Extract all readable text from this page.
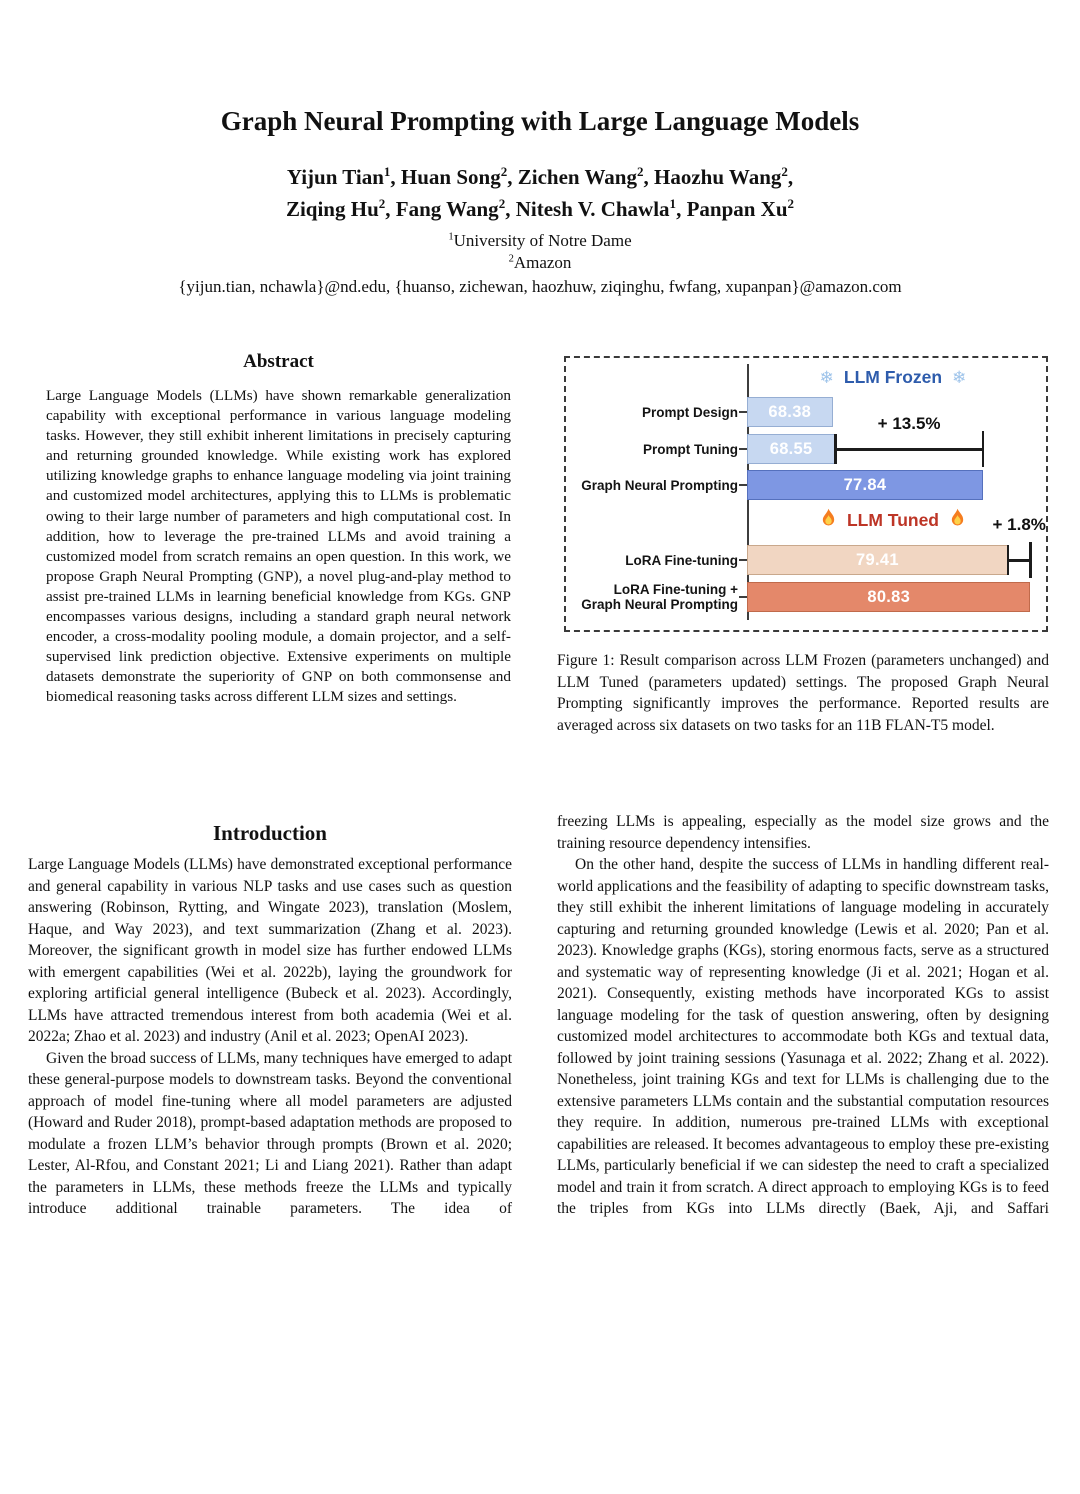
Graph Neural Prompting with Large Language Models
Yijun Tian$^1$, Huan Song$^2$, Zichen Wang$^2$, Haozhu Wang$^2$,
Ziqing Hu$^2$, Fang Wang$^2$, Nitesh V. Chawla$^1$, Panpan Xu$^2$
$^1$University of Notre Dame
$^2$Amazon
{yijun.tian, nchawla}@nd.edu, {huanso, zichewan, haozhuw, ziqinghu, fwfang, xupanpan}@amazon.com
Abstract

Large Language Models (LLMs) have shown remarkable generalization capability with exceptional performance in various language modeling tasks. However, they still exhibit inherent limitations in precisely capturing and returning grounded knowledge. While existing work has explored utilizing knowledge graphs to enhance language modeling via joint training and customized model architectures, applying this to LLMs is problematic owing to their large number of parameters and high computational cost. In addition, how to leverage the pre-trained LLMs and avoid training a customized model from scratch remains an open question. In this work, we propose Graph Neural Prompting (GNP), a novel plug-and-play method to assist pre-trained LLMs in learning beneficial knowledge from KGs. GNP encompasses various designs, including a standard graph neural network encoder, a cross-modality pooling module, a domain projector, and a self-supervised link prediction objective. Extensive experiments on multiple datasets demonstrate the superiority of GNP on both commonsense and biomedical reasoning tasks across different LLM sizes and settings.

Introduction

Large Language Models (LLMs) have demonstrated exceptional performance and general capability in various NLP tasks and use cases such as question answering (Robinson, Rytting, and Wingate 2023), translation (Moslem, Haque, and Way 2023), and text summarization (Zhang et al. 2023). Moreover, the significant growth in model size has further endowed LLMs with emergent capabilities (Wei et al. 2022b), laying the groundwork for exploring artificial general intelligence (Bubeck et al. 2023). Accordingly, LLMs have attracted tremendous interest from both academia (Wei et al. 2022a; Zhao et al. 2023) and industry (Anil et al. 2023; OpenAI 2023).

Given the broad success of LLMs, many techniques have emerged to adapt these general-purpose models to downstream tasks. Beyond the conventional approach of model fine-tuning where all model parameters are adjusted (Howard and Ruder 2018), prompt-based adaptation methods are proposed to modulate a frozen LLM’s behavior through prompts (Brown et al. 2020; Lester, Al-Rfou, and Constant 2021; Li and Liang 2021). Rather than adapt the parameters in LLMs, these methods freeze the LLMs and typically introduce additional trainable parameters. The idea of

❄ LLM Frozen ❄
Prompt Design 68.38
Prompt Tuning 68.55
Graph Neural Prompting	77.84
LLM Tuned
LoRA Fine-tuning	79.41
LoRA Fine-tuning +
Graph Neural Prompting	80.83
+ 13.5%
+ 1.8%
Figure 1: Result comparison across LLM Frozen (parameters unchanged) and LLM Tuned (parameters updated) settings. The proposed Graph Neural Prompting significantly improves the performance. Reported results are averaged across six datasets on two tasks for an 11B FLAN-T5 model.

freezing LLMs is appealing, especially as the model size grows and the training resource dependency intensifies.

On the other hand, despite the success of LLMs in handling different real-world applications and the feasibility of adapting to specific downstream tasks, they still exhibit the inherent limitations of language modeling in accurately capturing and returning grounded knowledge (Lewis et al. 2020; Pan et al. 2023). Knowledge graphs (KGs), storing enormous facts, serve as a structured and systematic way of representing knowledge (Ji et al. 2021; Hogan et al. 2021). Consequently, existing methods have incorporated KGs to assist language modeling for the task of question answering, often by designing customized model architectures to accommodate both KGs and textual data, followed by joint training sessions (Yasunaga et al. 2022; Zhang et al. 2022). Nonetheless, joint training KGs and text for LLMs is challenging due to the extensive parameters LLMs contain and the substantial computation resources they require. In addition, numerous pre-trained LLMs with exceptional capabilities are released. It becomes advantageous to employ these pre-existing LLMs, particularly beneficial if we can sidestep the need to craft a specialized model and train it from scratch. A direct approach to employing KGs is to feed the triples from KGs into LLMs directly (Baek, Aji, and Saffari
